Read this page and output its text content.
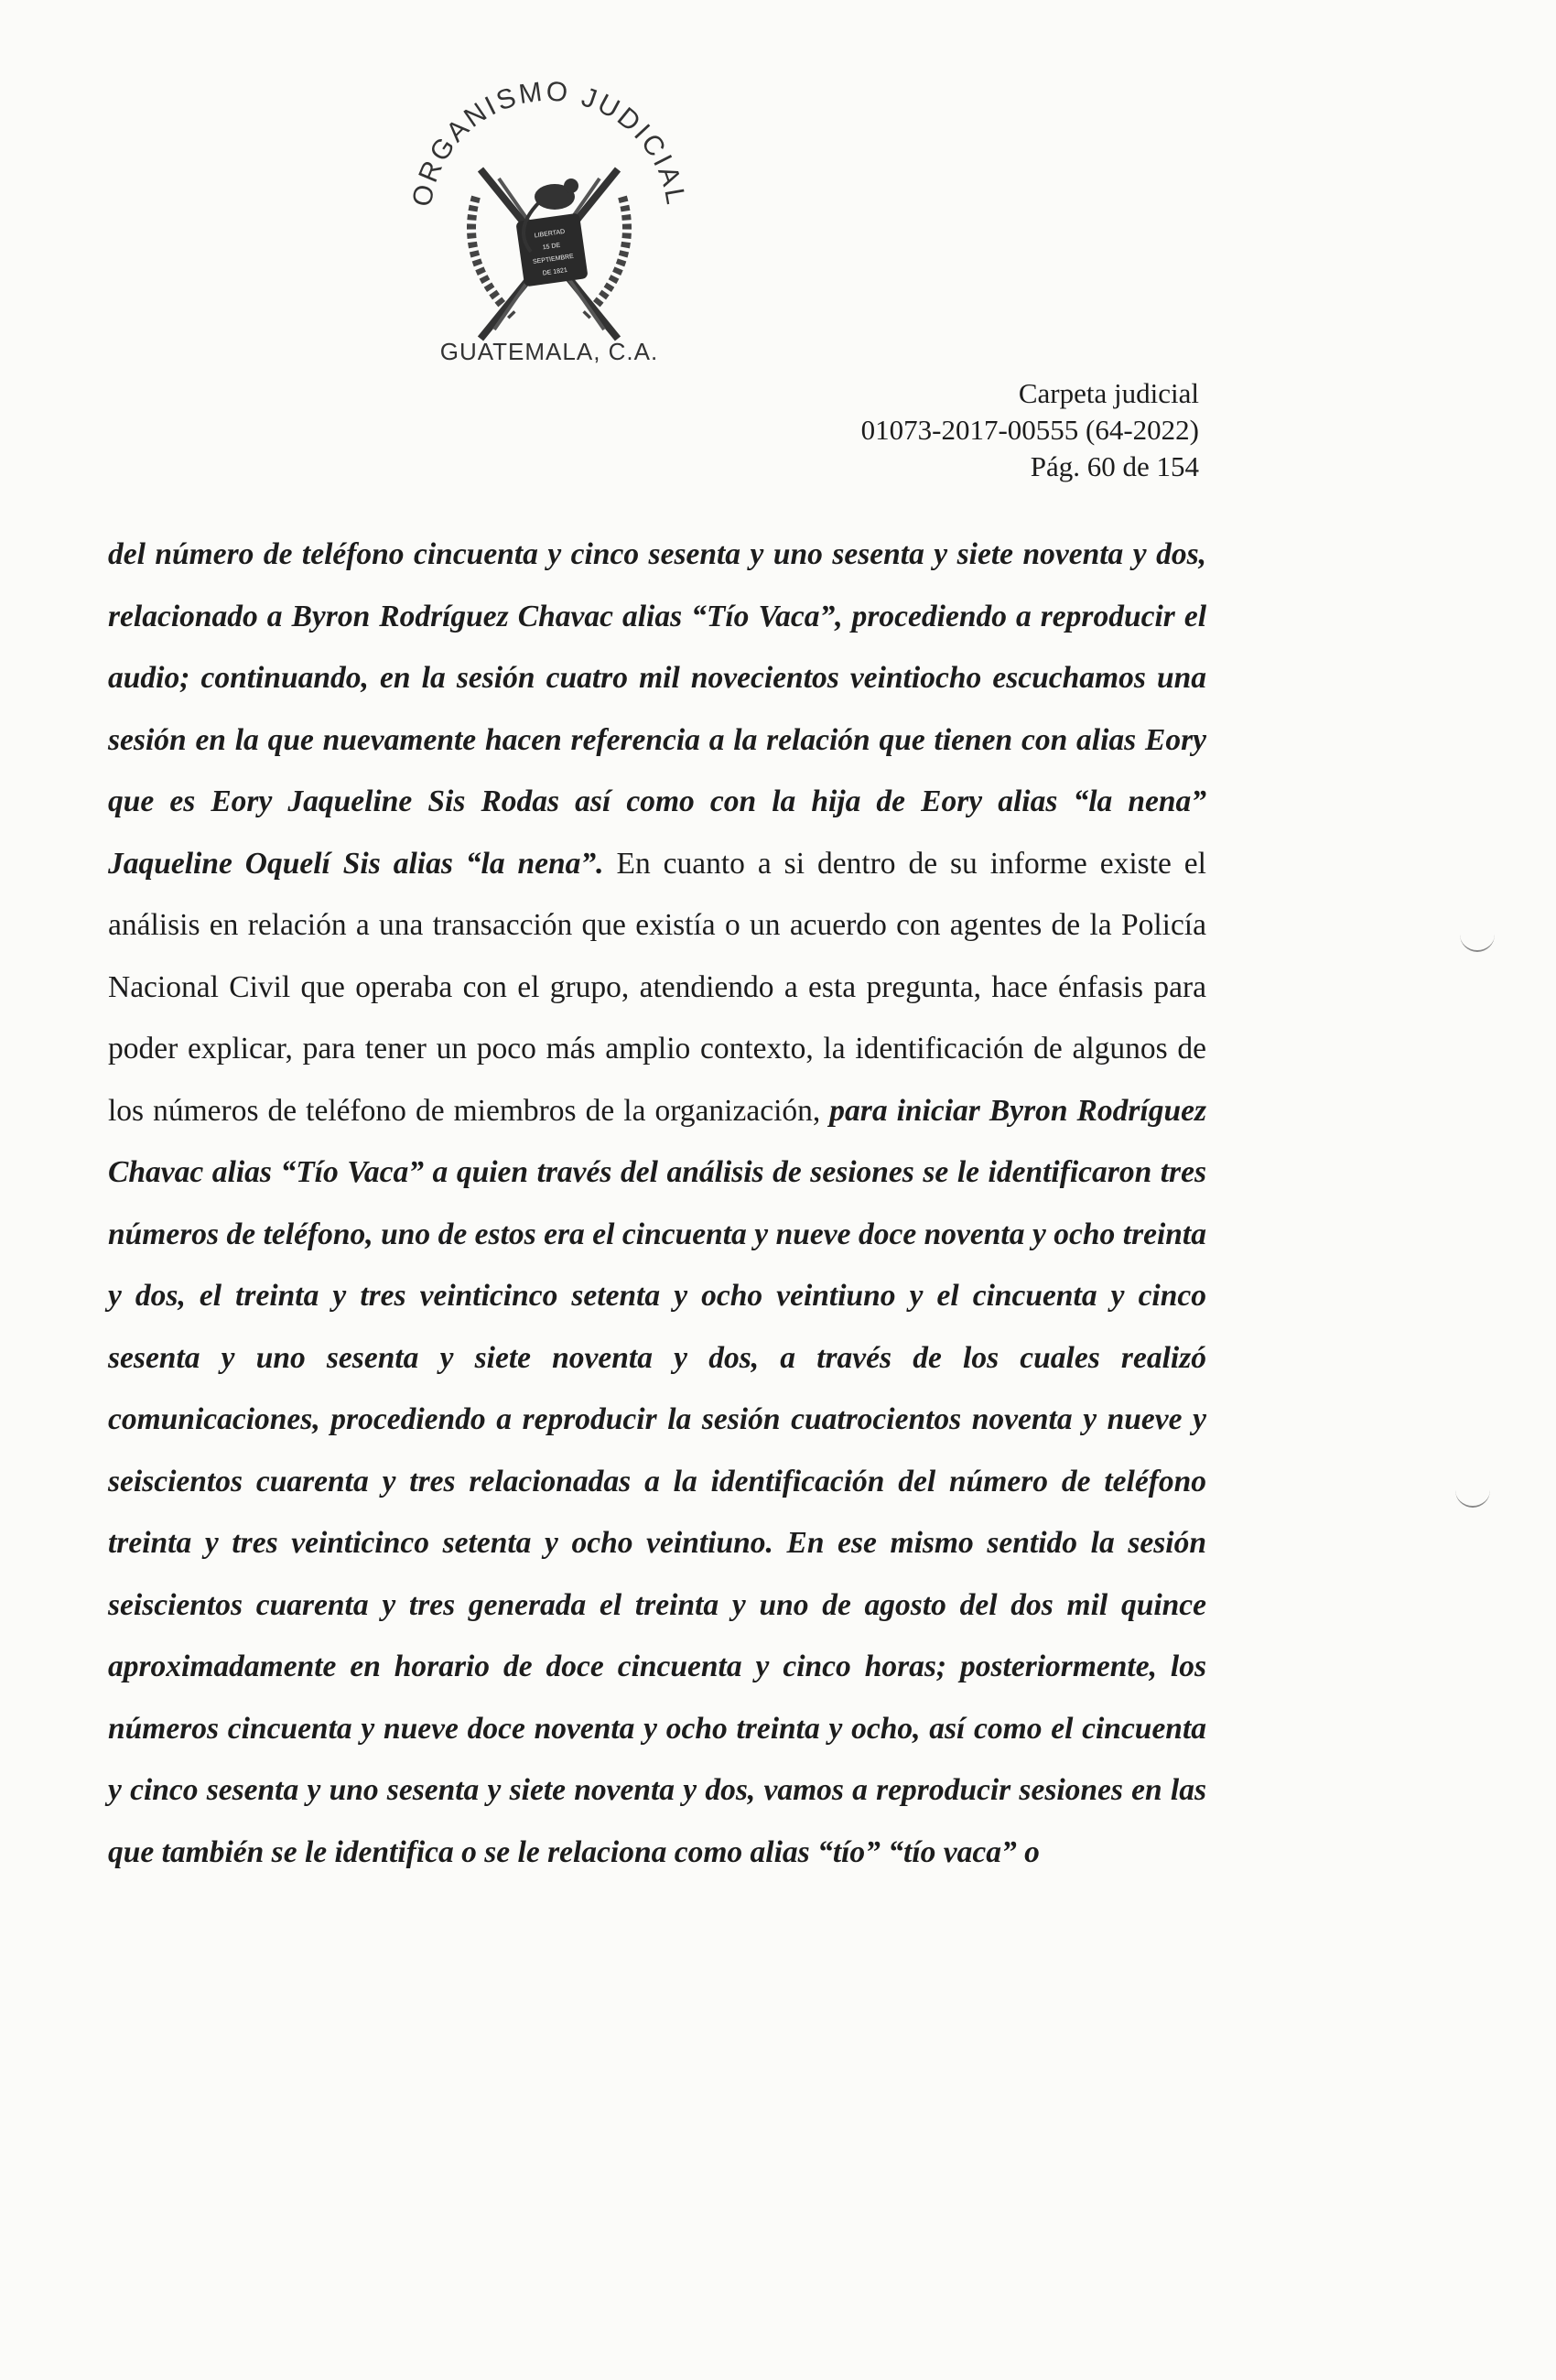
ORGANISMO JUDICIAL
LIBERTAD
15 DE
SEPTIEMBRE
DE 1821
GUATEMALA, C.A.
Carpeta judicial
01073-2017-00555 (64-2022)
Pág. 60 de 154

del número de teléfono cincuenta y cinco sesenta y uno sesenta y siete noventa y dos, relacionado a Byron Rodríguez Chavac alias “Tío Vaca”, procediendo a reproducir el audio; continuando, en la sesión cuatro mil novecientos veintiocho escuchamos una sesión en la que nuevamente hacen referencia a la relación que tienen con alias Eory que es Eory Jaqueline Sis Rodas así como con la hija de Eory alias “la nena” Jaqueline Oquelí Sis alias “la nena”. En cuanto a si dentro de su informe existe el análisis en relación a una transacción que existía o un acuerdo con agentes de la Policía Nacional Civil que operaba con el grupo, atendiendo a esta pregunta, hace énfasis para poder explicar, para tener un poco más amplio contexto, la identificación de algunos de los números de teléfono de miembros de la organización, para iniciar Byron Rodríguez Chavac alias “Tío Vaca” a quien través del análisis de sesiones se le identificaron tres números de teléfono, uno de estos era el cincuenta y nueve doce noventa y ocho treinta y dos, el treinta y tres veinticinco setenta y ocho veintiuno y el cincuenta y cinco sesenta y uno sesenta y siete noventa y dos, a través de los cuales realizó comunicaciones, procediendo a reproducir la sesión cuatrocientos noventa y nueve y seiscientos cuarenta y tres relacionadas a la identificación del número de teléfono treinta y tres veinticinco setenta y ocho veintiuno. En ese mismo sentido la sesión seiscientos cuarenta y tres generada el treinta y uno de agosto del dos mil quince aproximadamente en horario de doce cincuenta y cinco horas; posteriormente, los números cincuenta y nueve doce noventa y ocho treinta y ocho, así como el cincuenta y cinco sesenta y uno sesenta y siete noventa y dos, vamos a reproducir sesiones en las que también se le identifica o se le relaciona como alias “tío” “tío vaca” o
